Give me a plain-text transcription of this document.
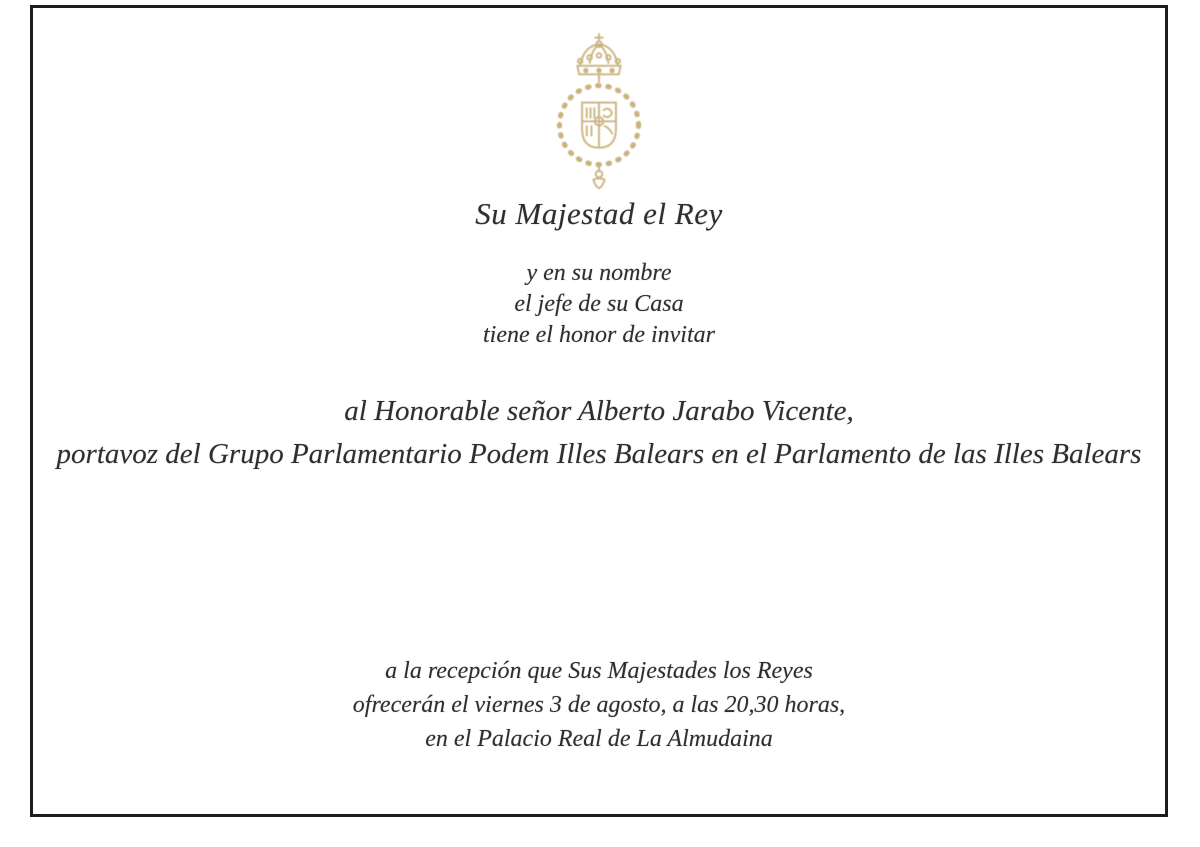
Su Majestad el Rey
y en su nombre
el jefe de su Casa
tiene el honor de invitar
al Honorable señor Alberto Jarabo Vicente,
portavoz del Grupo Parlamentario Podem Illes Balears en el Parlamento de las Illes Balears
a la recepción que Sus Majestades los Reyes
ofrecerán el viernes 3 de agosto, a las 20,30 horas,
en el Palacio Real de La Almudaina
